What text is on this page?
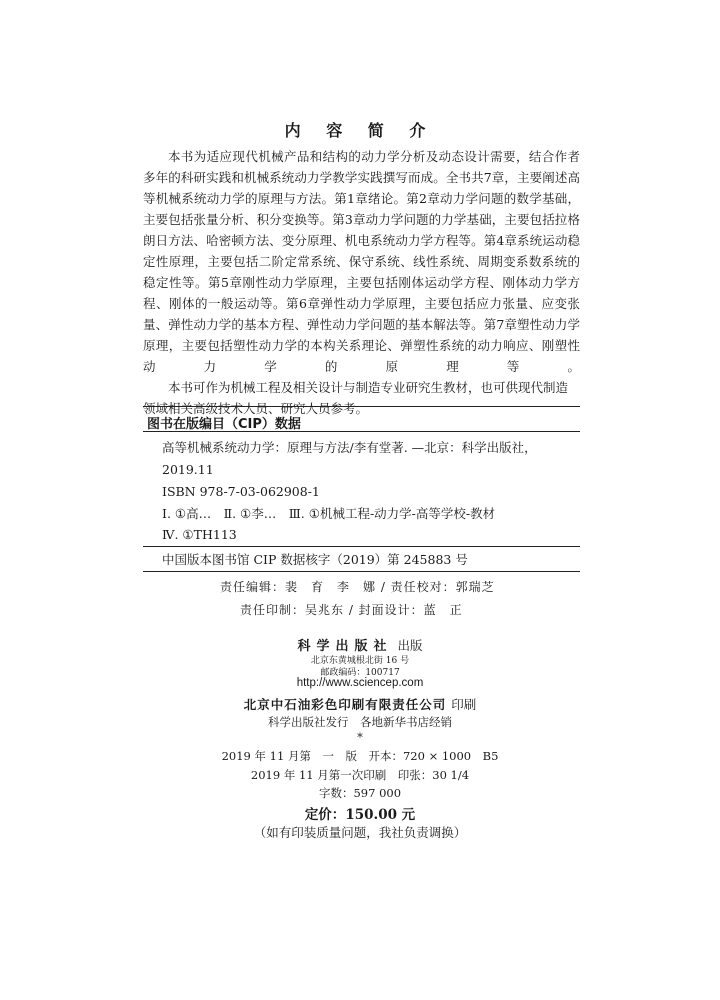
内 容 简 介

本书为适应现代机械产品和结构的动力学分析及动态设计需要，结合作者多年的科研实践和机械系统动力学教学实践撰写而成。全书共7章，主要阐述高等机械系统动力学的原理与方法。第1章绪论。第2章动力学问题的数学基础，主要包括张量分析、积分变换等。第3章动力学问题的力学基础，主要包括拉格朗日方法、哈密顿方法、变分原理、机电系统动力学方程等。第4章系统运动稳定性原理，主要包括二阶定常系统、保守系统、线性系统、周期变系数系统的稳定性等。第5章刚性动力学原理，主要包括刚体运动学方程、刚体动力学方程、刚体的一般运动等。第6章弹性动力学原理，主要包括应力张量、应变张量、弹性动力学的基本方程、弹性动力学问题的基本解法等。第7章塑性动力学原理，主要包括塑性动力学的本构关系理论、弹塑性系统的动力响应、刚塑性动力学的原理等。

本书可作为机械工程及相关设计与制造专业研究生教材，也可供现代制造领域相关高级技术人员、研究人员参考。

图书在版编目（CIP）数据
高等机械系统动力学：原理与方法/李有堂著. —北京：科学出版社，2019.11
ISBN 978-7-03-062908-1
Ⅰ. ①高…　Ⅱ. ①李…　Ⅲ. ①机械工程-动力学-高等学校-教材
Ⅳ. ①TH113
中国版本图书馆 CIP 数据核字（2019）第 245883 号
责任编辑：裴　育　李　娜 / 责任校对：郭瑞芝
责任印制：吴兆东 / 封面设计：蓝　正
科学出版社 出版
北京东黄城根北街 16 号
邮政编码：100717
http://www.sciencep.com
北京中石油彩色印刷有限责任公司 印刷
科学出版社发行　各地新华书店经销
*
2019 年 11 月第　一　版　开本：720 × 1000　B5
2019 年 11 月第一次印刷　印张：30 1/4
字数：597 000
定价：150.00 元
（如有印装质量问题，我社负责调换）
